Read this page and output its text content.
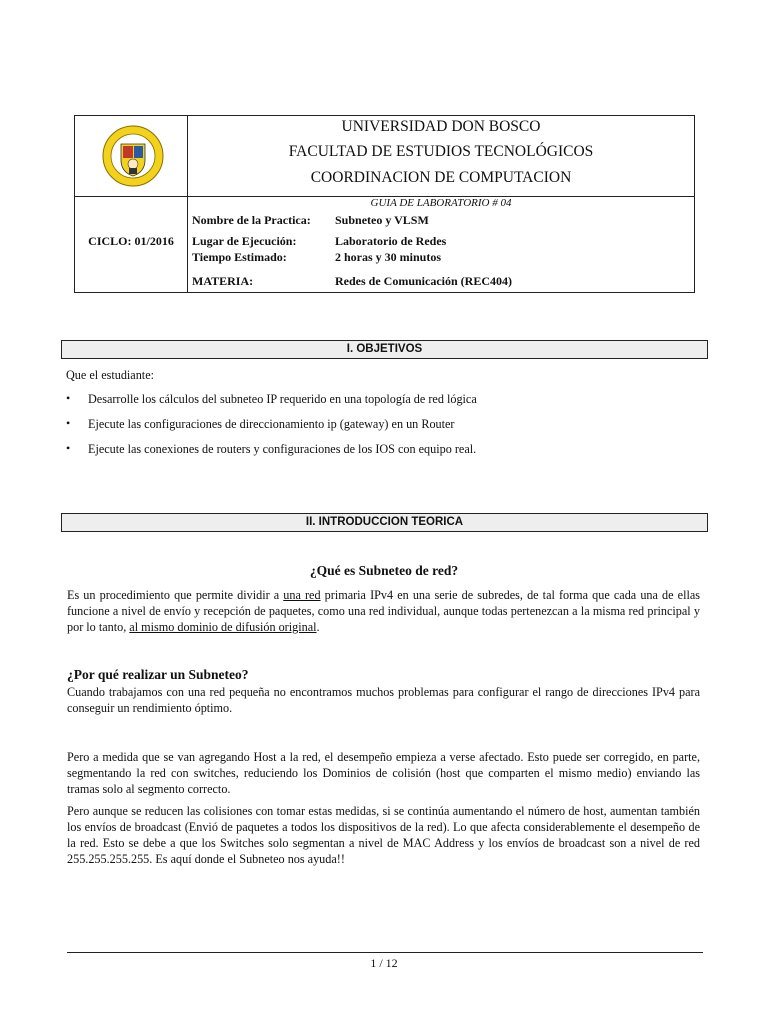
UNIVERSIDAD DON BOSCO
FACULTAD DE ESTUDIOS TECNOLÓGICOS
COORDINACION DE COMPUTACION
CICLO: 01/2016
GUIA DE LABORATORIO # 04
Nombre de la Practica: Subneteo y VLSM
Lugar de Ejecución:	Laboratorio de Redes
Tiempo Estimado:	2 horas y 30 minutos
MATERIA:	Redes de Comunicación (REC404)
I. OBJETIVOS
Que el estudiante:
• Desarrolle los cálculos del subneteo IP requerido en una topología de red lógica
• Ejecute las configuraciones de direccionamiento ip (gateway) en un Router
• Ejecute las conexiones de routers y configuraciones de los IOS con equipo real.
II. INTRODUCCION TEORICA
¿Qué es Subneteo de red?
Es un procedimiento que permite dividir a una red primaria IPv4 en una serie de subredes, de tal forma que cada una de ellas funcione a nivel de envío y recepción de paquetes, como una red individual, aunque todas pertenezcan a la misma red principal y por lo tanto, al mismo dominio de difusión original.
¿Por qué realizar un Subneteo?
Cuando trabajamos con una red pequeña no encontramos muchos problemas para configurar el rango de direcciones IPv4 para conseguir un rendimiento óptimo.
Pero a medida que se van agregando Host a la red, el desempeño empieza a verse afectado. Esto puede ser corregido, en parte, segmentando la red con switches, reduciendo los Dominios de colisión (host que comparten el mismo medio) enviando las tramas solo al segmento correcto.
Pero aunque se reducen las colisiones con tomar estas medidas, si se continúa aumentando el número de host, aumentan también los envíos de broadcast (Envió de paquetes a todos los dispositivos de la red). Lo que afecta considerablemente el desempeño de la red. Esto se debe a que los Switches solo segmentan a nivel de MAC Address y los envíos de broadcast son a nivel de red 255.255.255.255. Es aquí donde el Subneteo nos ayuda!!
1 / 12
